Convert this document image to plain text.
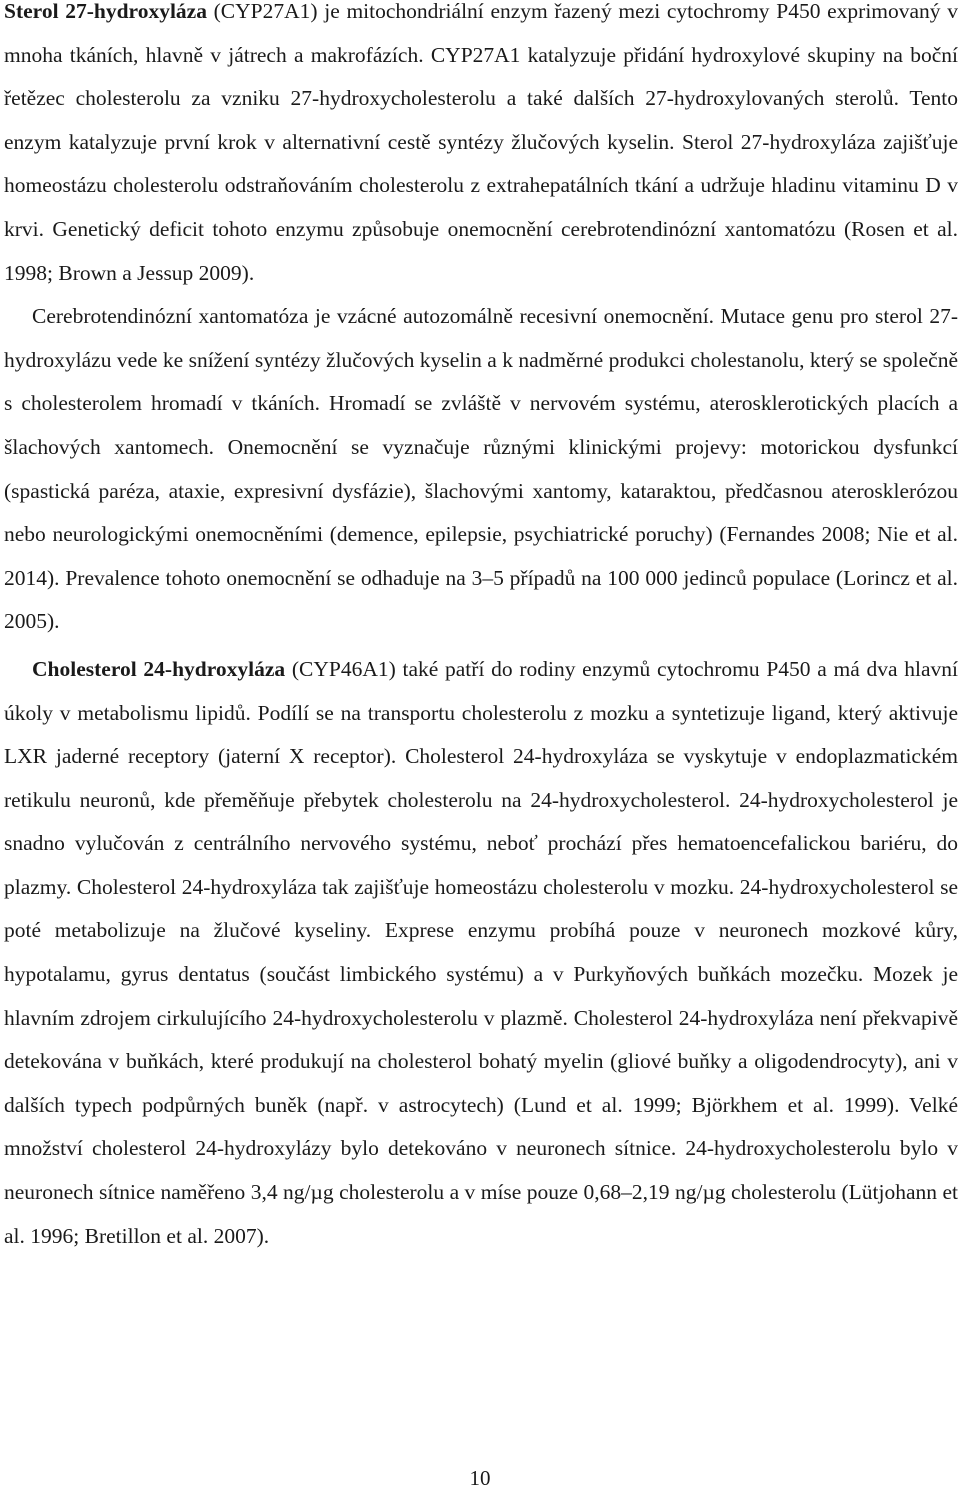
Sterol 27-hydroxyláza (CYP27A1) je mitochondriální enzym řazený mezi cytochromy P450 exprimovaný v mnoha tkáních, hlavně v játrech a makrofázích. CYP27A1 katalyzuje přidání hydroxylové skupiny na boční řetězec cholesterolu za vzniku 27-hydroxycholesterolu a také dalších 27-hydroxylovaných sterolů. Tento enzym katalyzuje první krok v alternativní cestě syntézy žlučových kyselin. Sterol 27-hydroxyláza zajišťuje homeostázu cholesterolu odstraňováním cholesterolu z extrahepatálních tkání a udržuje hladinu vitaminu D v krvi. Genetický deficit tohoto enzymu způsobuje onemocnění cerebrotendinózní xantomatózu (Rosen et al. 1998; Brown a Jessup 2009).

Cerebrotendinózní xantomatóza je vzácné autozomálně recesivní onemocnění. Mutace genu pro sterol 27-hydroxylázu vede ke snížení syntézy žlučových kyselin a k nadměrné produkci cholestanolu, který se společně s cholesterolem hromadí v tkáních. Hromadí se zvláště v nervovém systému, aterosklerotických placích a šlachových xantomech. Onemocnění se vyznačuje různými klinickými projevy: motorickou dysfunkcí (spastická paréza, ataxie, expresivní dysfázie), šlachovými xantomy, kataraktou, předčasnou aterosklerózou nebo neurologickými onemocněními (demence, epilepsie, psychiatrické poruchy) (Fernandes 2008; Nie et al. 2014). Prevalence tohoto onemocnění se odhaduje na 3–5 případů na 100 000 jedinců populace (Lorincz et al. 2005).

Cholesterol 24-hydroxyláza (CYP46A1) také patří do rodiny enzymů cytochromu P450 a má dva hlavní úkoly v metabolismu lipidů. Podílí se na transportu cholesterolu z mozku a syntetizuje ligand, který aktivuje LXR jaderné receptory (jaterní X receptor). Cholesterol 24-hydroxyláza se vyskytuje v endoplazmatickém retikulu neuronů, kde přeměňuje přebytek cholesterolu na 24-hydroxycholesterol. 24-hydroxycholesterol je snadno vylučován z centrálního nervového systému, neboť prochází přes hematoencefalickou bariéru, do plazmy. Cholesterol 24-hydroxyláza tak zajišťuje homeostázu cholesterolu v mozku. 24-hydroxycholesterol se poté metabolizuje na žlučové kyseliny. Exprese enzymu probíhá pouze v neuronech mozkové kůry, hypotalamu, gyrus dentatus (součást limbického systému) a v Purkyňových buňkách mozečku. Mozek je hlavním zdrojem cirkulujícího 24-hydroxycholesterolu v plazmě. Cholesterol 24-hydroxyláza není překvapivě detekována v buňkách, které produkují na cholesterol bohatý myelin (gliové buňky a oligodendrocyty), ani v dalších typech podpůrných buněk (např. v astrocytech) (Lund et al. 1999; Björkhem et al. 1999). Velké množství cholesterol 24-hydroxylázy bylo detekováno v neuronech sítnice. 24-hydroxycholesterolu bylo v neuronech sítnice naměřeno 3,4 ng/µg cholesterolu a v míse pouze 0,68–2,19 ng/µg cholesterolu (Lütjohann et al. 1996; Bretillon et al. 2007).

10
